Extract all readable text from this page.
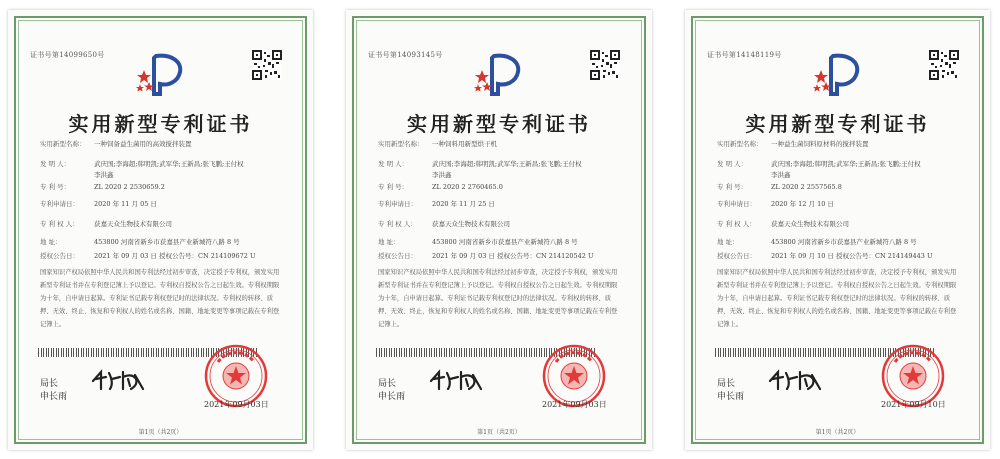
证书号第14099650号
实用新型专利证书
实用新型名称： 一种饲备益生菌用的高效搅拌装置
发 明 人：	武庆国;李海超;韩明凯;武军华;王新昌;张飞鹏;王付权
李洪鑫
专 利 号：	ZL 2020 2 2530659.2
专利申请日： 2020 年 11 月 05 日
专 利 权 人： 获嘉天众生物技术有限公司
地 址：	453800 河南省新乡市获嘉县产业新城符八路 8 号
授权公告日： 2021 年 09 月 03 日 授权公告号：CN 214109672 U
国家知识产权局依照中华人民共和国专利法经过初步审查，决定授予专利权，颁发实用新型专利证书并在专利登记簿上予以登记。专利权自授权公告之日起生效。专利权期限为十年，自申请日起算。专利证书记载专利权登记时的法律状况。专利权的转移、质押、无效、终止、恢复和专利权人的姓名或名称、国籍、地址变更等事项记载在专利登记簿上。
局长
申长雨
2021年09月03日
第1页（共2页）
证书号第14093145号
实用新型专利证书
实用新型名称： 一种饲料用新型烘干机
发 明 人：	武庆国;李海超;韩明凯;武军华;王新昌;张飞鹏;王付权
李洪鑫
专 利 号：	ZL 2020 2 2760465.0
专利申请日： 2020 年 11 月 25 日
专 利 权 人： 获嘉天众生物技术有限公司
地 址：	453800 河南省新乡市获嘉县产业新城符八路 8 号
授权公告日： 2021 年 09 月 03 日 授权公告号：CN 214120542 U
国家知识产权局依照中华人民共和国专利法经过初步审查，决定授予专利权，颁发实用新型专利证书并在专利登记簿上予以登记。专利权自授权公告之日起生效。专利权期限为十年，自申请日起算。专利证书记载专利权登记时的法律状况。专利权的转移、质押、无效、终止、恢复和专利权人的姓名或名称、国籍、地址变更等事项记载在专利登记簿上。
局长
申长雨
2021年09月03日
第1页（共2页）
证书号第14148119号
实用新型专利证书
实用新型名称： 一种益生菌饲料原材料的搅拌装置
发 明 人：	武庆国;李海超;韩明凯;武军华;王新昌;张飞鹏;王付权
李洪鑫
专 利 号：	ZL 2020 2 2557565.8
专利申请日： 2020 年 12 月 10 日
专 利 权 人： 获嘉天众生物技术有限公司
地 址：	453800 河南省新乡市获嘉县产业新城符八路 8 号
授权公告日： 2021 年 09 月 10 日 授权公告号：CN 214149443 U
国家知识产权局依照中华人民共和国专利法经过初步审查，决定授予专利权，颁发实用新型专利证书并在专利登记簿上予以登记。专利权自授权公告之日起生效。专利权期限为十年，自申请日起算。专利证书记载专利权登记时的法律状况。专利权的转移、质押、无效、终止、恢复和专利权人的姓名或名称、国籍、地址变更等事项记载在专利登记簿上。
局长
申长雨
2021年09月10日
第1页（共2页）
